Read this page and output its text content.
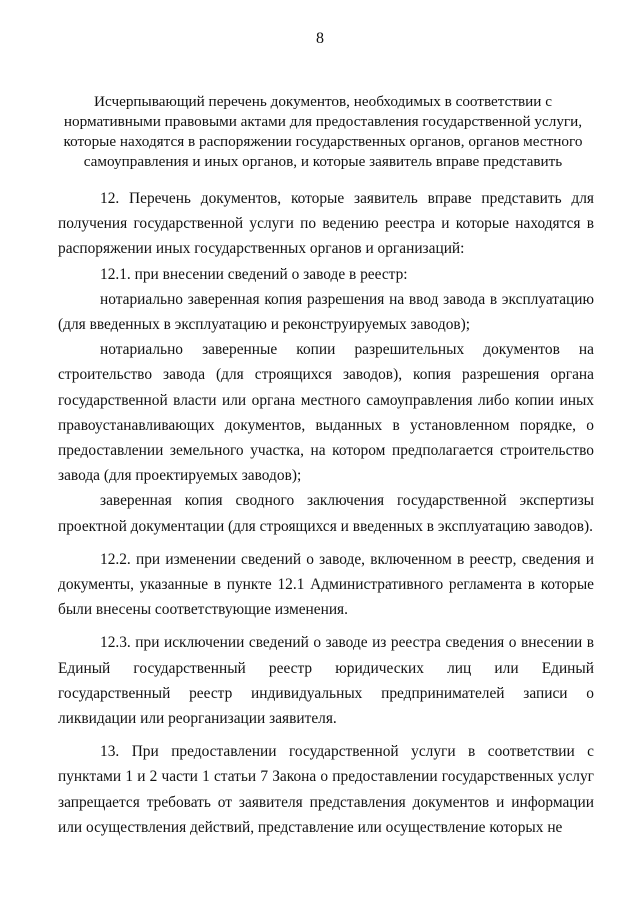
8
Исчерпывающий перечень документов, необходимых в соответствии с
нормативными правовыми актами для предоставления государственной услуги,
которые находятся в распоряжении государственных органов, органов местного
самоуправления и иных органов, и которые заявитель вправе представить

12. Перечень документов, которые заявитель вправе представить для получения государственной услуги по ведению реестра и которые находятся в распоряжении иных государственных органов и организаций:

12.1. при внесении сведений о заводе в реестр:

нотариально заверенная копия разрешения на ввод завода в эксплуатацию (для введенных в эксплуатацию и реконструируемых заводов);

нотариально заверенные копии разрешительных документов на строительство завода (для строящихся заводов), копия разрешения органа государственной власти или органа местного самоуправления либо копии иных правоустанавливающих документов, выданных в установленном порядке, о предоставлении земельного участка, на котором предполагается строительство завода (для проектируемых заводов);

заверенная копия сводного заключения государственной экспертизы проектной документации (для строящихся и введенных в эксплуатацию заводов).

12.2. при изменении сведений о заводе, включенном в реестр, сведения и документы, указанные в пункте 12.1 Административного регламента в которые были внесены соответствующие изменения.

12.3. при исключении сведений о заводе из реестра сведения о внесении в Единый государственный реестр юридических лиц или Единый государственный реестр индивидуальных предпринимателей записи о ликвидации или реорганизации заявителя.

13. При предоставлении государственной услуги в соответствии с пунктами 1 и 2 части 1 статьи 7 Закона о предоставлении государственных услуг запрещается требовать от заявителя представления документов и информации или осуществления действий, представление или осуществление которых не
